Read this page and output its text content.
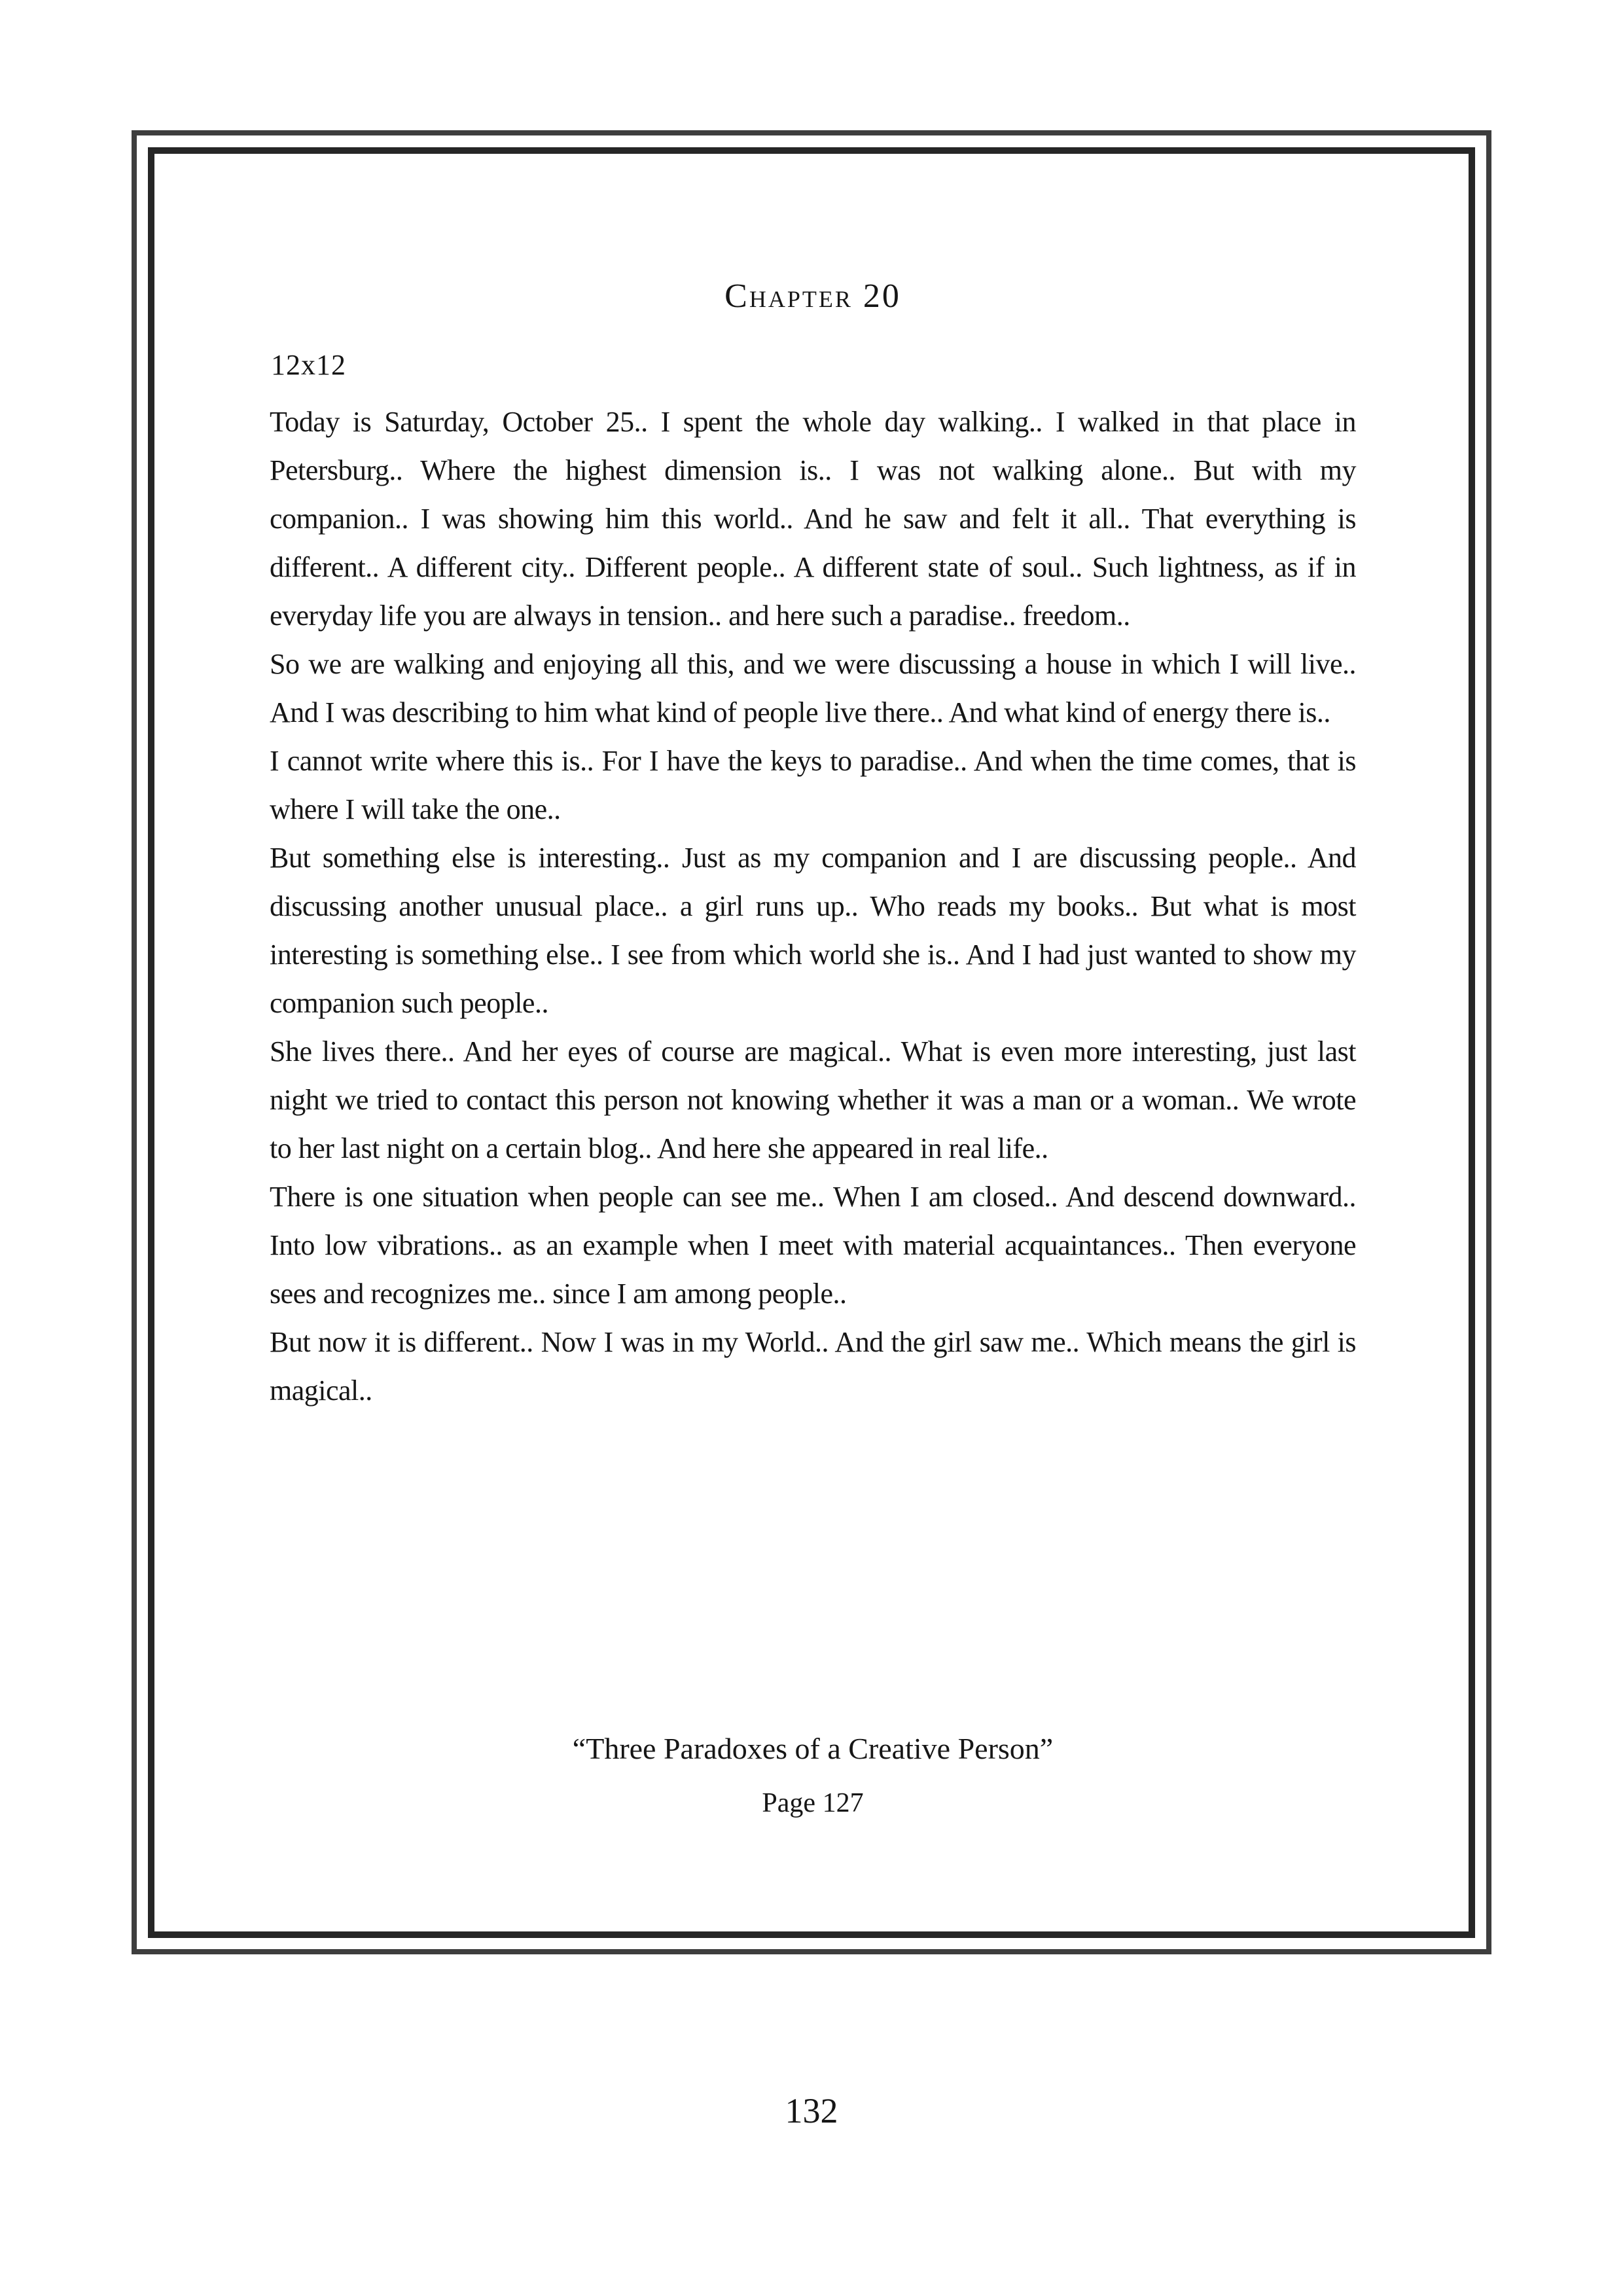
Chapter 20
12x12

Today is Saturday, October 25.. I spent the whole day walking.. I walked in that place in Petersburg.. Where the highest dimension is.. I was not walking alone.. But with my companion.. I was showing him this world.. And he saw and felt it all.. That everything is different.. A different city.. Different people.. A different state of soul.. Such lightness, as if in everyday life you are always in tension.. and here such a paradise.. freedom..

So we are walking and enjoying all this, and we were discussing a house in which I will live.. And I was describing to him what kind of people live there.. And what kind of energy there is..

I cannot write where this is.. For I have the keys to paradise.. And when the time comes, that is where I will take the one..

But something else is interesting.. Just as my companion and I are discussing people.. And discussing another unusual place.. a girl runs up.. Who reads my books.. But what is most interesting is something else.. I see from which world she is.. And I had just wanted to show my companion such people..

She lives there.. And her eyes of course are magical.. What is even more interesting, just last night we tried to contact this person not knowing whether it was a man or a woman.. We wrote to her last night on a certain blog.. And here she appeared in real life..

There is one situation when people can see me.. When I am closed.. And descend downward.. Into low vibrations.. as an example when I meet with material acquaintances.. Then everyone sees and recognizes me.. since I am among people..

But now it is different.. Now I was in my World.. And the girl saw me.. Which means the girl is magical..

“Three Paradoxes of a Creative Person”
Page 127
132
